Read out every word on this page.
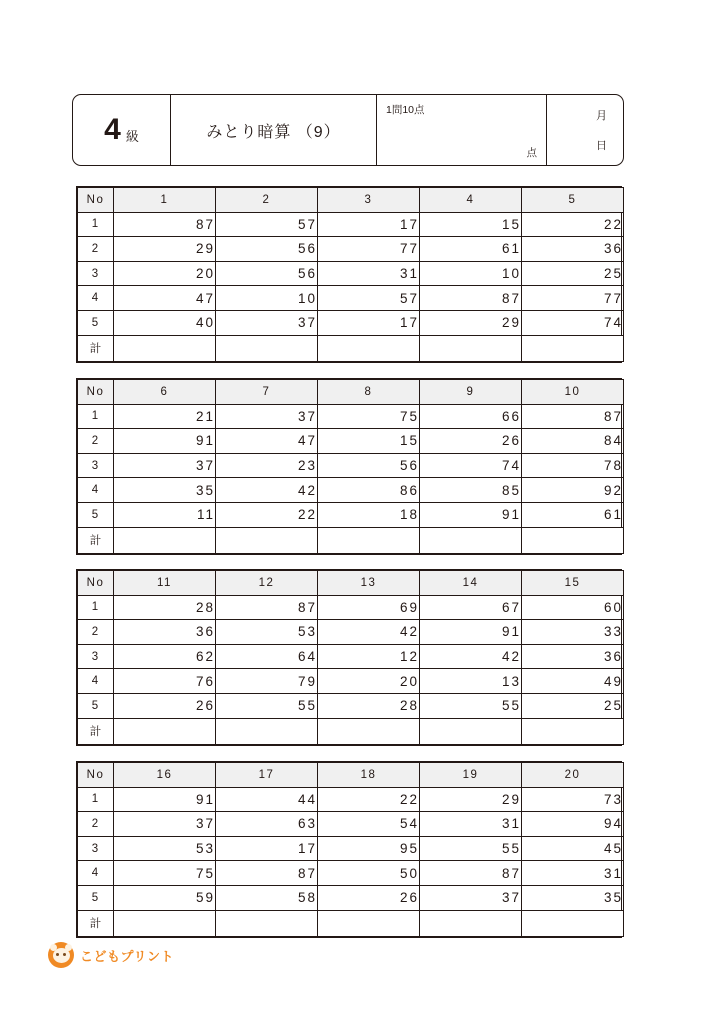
4 級	みとり暗算 （9）
1問10点
点
月
日
No	1	2	3	4	5
1	87	57	17	15	22
2	29	56	77	61	36
3	20	56	31	10	25
4	47	10	57	87	77
5	40	37	17	29	74
計					
No	6	7	8	9	10
1	21	37	75	66	87
2	91	47	15	26	84
3	37	23	56	74	78
4	35	42	86	85	92
5	11	22	18	91	61
計					
No	11	12	13	14	15
1	28	87	69	67	60
2	36	53	42	91	33
3	62	64	12	42	36
4	76	79	20	13	49
5	26	55	28	55	25
計					
No	16	17	18	19	20
1	91	44	22	29	73
2	37	63	54	31	94
3	53	17	95	55	45
4	75	87	50	87	31
5	59	58	26	37	35
計					
こどもプリント
